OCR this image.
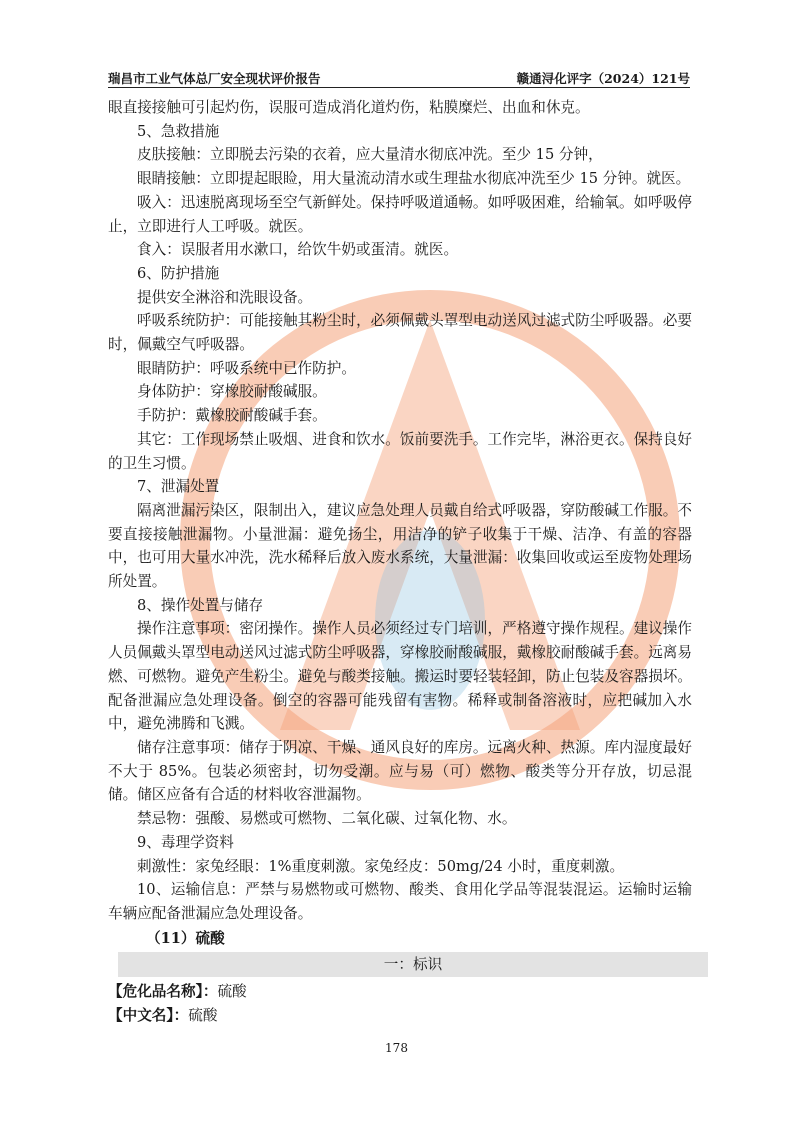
瑞昌市工业气体总厂安全现状评价报告	赣通浔化评字（2024）121号

眼直接接触可引起灼伤，误服可造成消化道灼伤，粘膜糜烂、出血和休克。

5、急救措施

皮肤接触：立即脱去污染的衣着，应大量清水彻底冲洗。至少 15 分钟，

眼睛接触：立即提起眼睑，用大量流动清水或生理盐水彻底冲洗至少 15 分钟。就医。

吸入：迅速脱离现场至空气新鲜处。保持呼吸道通畅。如呼吸困难，给输氧。如呼吸停止，立即进行人工呼吸。就医。

食入：误服者用水漱口，给饮牛奶或蛋清。就医。

6、防护措施

提供安全淋浴和洗眼设备。

呼吸系统防护：可能接触其粉尘时，必须佩戴头罩型电动送风过滤式防尘呼吸器。必要时，佩戴空气呼吸器。

眼睛防护：呼吸系统中已作防护。

身体防护：穿橡胶耐酸碱服。

手防护：戴橡胶耐酸碱手套。

其它：工作现场禁止吸烟、进食和饮水。饭前要洗手。工作完毕，淋浴更衣。保持良好的卫生习惯。

7、泄漏处置

隔离泄漏污染区，限制出入，建议应急处理人员戴自给式呼吸器，穿防酸碱工作服。不要直接接触泄漏物。小量泄漏：避免扬尘，用洁净的铲子收集于干燥、洁净、有盖的容器中，也可用大量水冲洗，洗水稀释后放入废水系统，大量泄漏：收集回收或运至废物处理场所处置。

8、操作处置与储存

操作注意事项：密闭操作。操作人员必须经过专门培训，严格遵守操作规程。建议操作人员佩戴头罩型电动送风过滤式防尘呼吸器，穿橡胶耐酸碱服，戴橡胶耐酸碱手套。远离易燃、可燃物。避免产生粉尘。避免与酸类接触。搬运时要轻装轻卸，防止包装及容器损坏。配备泄漏应急处理设备。倒空的容器可能残留有害物。稀释或制备溶液时，应把碱加入水中，避免沸腾和飞溅。

储存注意事项：储存于阴凉、干燥、通风良好的库房。远离火种、热源。库内湿度最好不大于 85%。包装必须密封，切勿受潮。应与易（可）燃物、酸类等分开存放，切忌混储。储区应备有合适的材料收容泄漏物。

禁忌物：强酸、易燃或可燃物、二氧化碳、过氧化物、水。

9、毒理学资料

刺激性：家兔经眼：1%重度刺激。家兔经皮：50mg/24 小时，重度刺激。

10、运输信息：严禁与易燃物或可燃物、酸类、食用化学品等混装混运。运输时运输车辆应配备泄漏应急处理设备。

（11）硫酸

一：标识

【危化品名称】：硫酸

【中文名】：硫酸

178
